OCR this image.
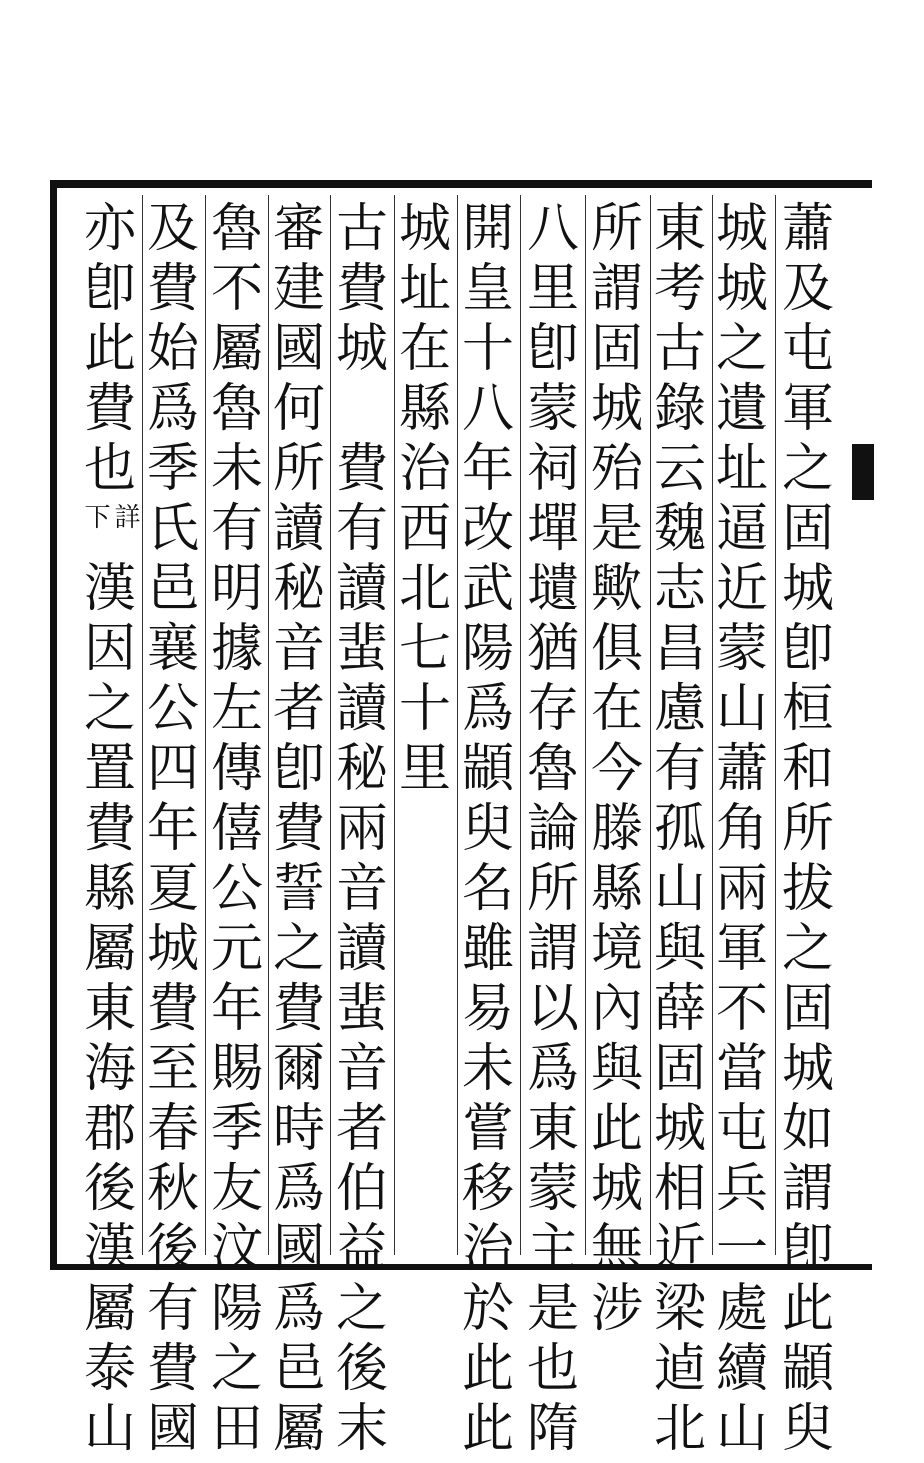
蕭
及
屯
軍
之
固
城
卽
桓
和
所
拔
之
固
城
如
謂
卽
此
顓
臾
城
城
之
遺
址
逼
近
蒙
山
蕭
角
兩
軍
不
當
屯
兵
一
處
續
山
東
考
古
錄
云
魏
志
昌
慮
有
孤
山
與
薛
固
城
相
近
梁
逌
北
所
謂
固
城
殆
是
歟
俱
在
今
滕
縣
境
內
與
此
城
無
涉
八
里
卽
蒙
祠
墠
壝
猶
存
魯
論
所
謂
以
爲
東
蒙
主
是
也
隋
開
皇
十
八
年
改
武
陽
爲
顓
臾
名
雖
易
未
嘗
移
治
於
此
此
城
址
在
縣
治
西
北
七
十
里
古
費
城
費
有
讀
蜚
讀
秘
兩
音
讀
蜚
音
者
伯
益
之
後
末
審
建
國
何
所
讀
秘
音
者
卽
費
誓
之
費
爾
時
爲
國
爲
邑
屬
魯
不
屬
魯
未
有
明
據
左
傳
僖
公
元
年
賜
季
友
汶
陽
之
田
及
費
始
爲
季
氏
邑
襄
公
四
年
夏
城
費
至
春
秋
後
有
費
國
亦
卽
此
費
也
詳
下
漢
因
之
置
費
縣
屬
東
海
郡
後
漢
屬
泰
山
